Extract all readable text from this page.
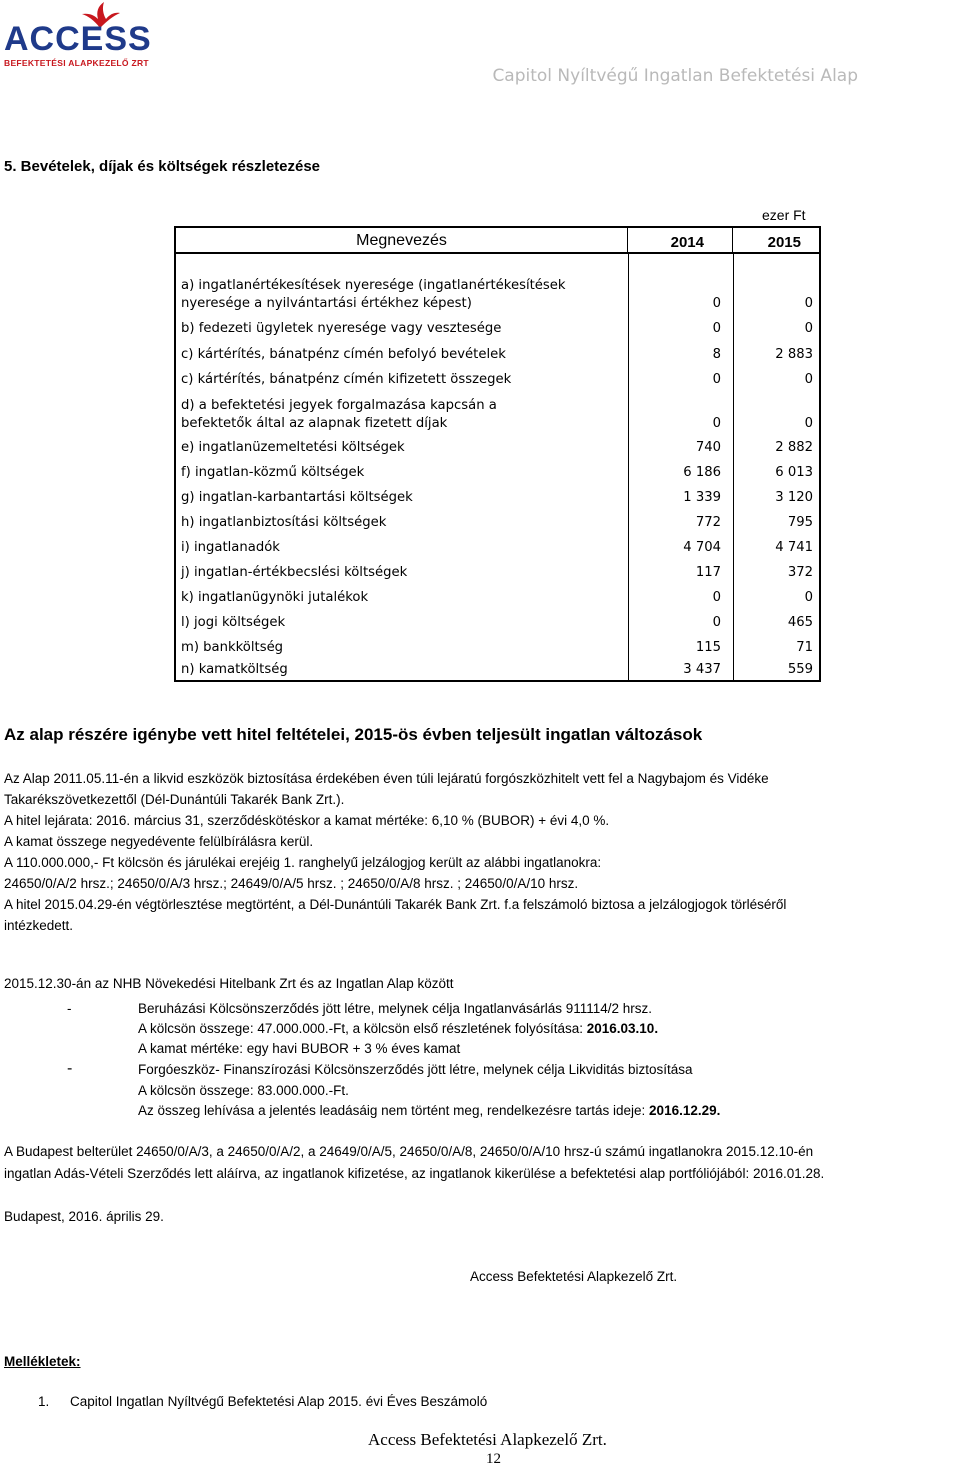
ACCESS
BEFEKTETÉSI ALAPKEZELŐ ZRT
Capitol Nyíltvégű Ingatlan Befektetési Alap
5. Bevételek, díjak és költségek részletezése
ezer Ft
Megnevezés	2014	2015
a) ingatlanértékesítések nyeresége (ingatlanértékesítések
nyeresége a nyilvántartási értékhez képest)	0	0
b) fedezeti ügyletek nyeresége vagy vesztesége	0	0
c) kártérítés, bánatpénz címén befolyó bevételek	8	2 883
c) kártérítés, bánatpénz címén kifizetett összegek	0	0
d) a befektetési jegyek forgalmazása kapcsán a
befektetők által az alapnak fizetett díjak	0	0
e) ingatlanüzemeltetési költségek	740	2 882
f) ingatlan-közmű költségek	6 186	6 013
g) ingatlan-karbantartási költségek	1 339	3 120
h) ingatlanbiztosítási költségek	772	795
i) ingatlanadók	4 704	4 741
j) ingatlan-értékbecslési költségek	117	372
k) ingatlanügynöki jutalékok	0	0
l) jogi költségek	0	465
m) bankköltség	115	71
n) kamatköltség	3 437	559
Az alap részére igénybe vett hitel feltételei, 2015-ös évben teljesült ingatlan változások
Az Alap 2011.05.11-én a likvid eszközök biztosítása érdekében éven túli lejáratú forgószközhitelt vett fel a Nagybajom és Vidéke
Takarékszövetkezettől (Dél-Dunántúli Takarék Bank Zrt.).
A hitel lejárata: 2016. március 31, szerződéskötéskor a kamat mértéke: 6,10 % (BUBOR) + évi 4,0 %.
A kamat összege negyedévente felülbírálásra kerül.
A 110.000.000,- Ft kölcsön és járulékai erejéig 1. ranghelyű jelzálogjog került az alábbi ingatlanokra:
24650/0/A/2 hrsz.; 24650/0/A/3 hrsz.; 24649/0/A/5 hrsz. ; 24650/0/A/8 hrsz. ; 24650/0/A/10 hrsz.
A hitel 2015.04.29-én végtörlesztése megtörtént, a Dél-Dunántúli Takarék Bank Zrt. f.a felszámoló biztosa a jelzálogjogok törléséről
intézkedett.
2015.12.30-án az NHB Növekedési Hitelbank Zrt és az Ingatlan Alap között
-	Beruházási Kölcsönszerződés jött létre, melynek célja Ingatlanvásárlás 911114/2 hrsz.
A kölcsön összege: 47.000.000.-Ft, a kölcsön első részletének folyósítása: 2016.03.10.
A kamat mértéke: egy havi BUBOR + 3 % éves kamat
-	Forgóeszköz- Finanszírozási Kölcsönszerződés jött létre, melynek célja Likviditás biztosítása
A kölcsön összege: 83.000.000.-Ft.
Az összeg lehívása a jelentés leadásáig nem történt meg, rendelkezésre tartás ideje: 2016.12.29.
A Budapest belterület 24650/0/A/3, a 24650/0/A/2, a 24649/0/A/5, 24650/0/A/8, 24650/0/A/10 hrsz-ú számú ingatlanokra 2015.12.10-én
ingatlan Adás-Vételi Szerződés lett aláírva, az ingatlanok kifizetése, az ingatlanok kikerülése a befektetési alap portfóliójából: 2016.01.28.
Budapest, 2016. április 29.
Access Befektetési Alapkezelő Zrt.
Mellékletek:
1. Capitol Ingatlan Nyíltvégű Befektetési Alap 2015. évi Éves Beszámoló
Access Befektetési Alapkezelő Zrt.
12
